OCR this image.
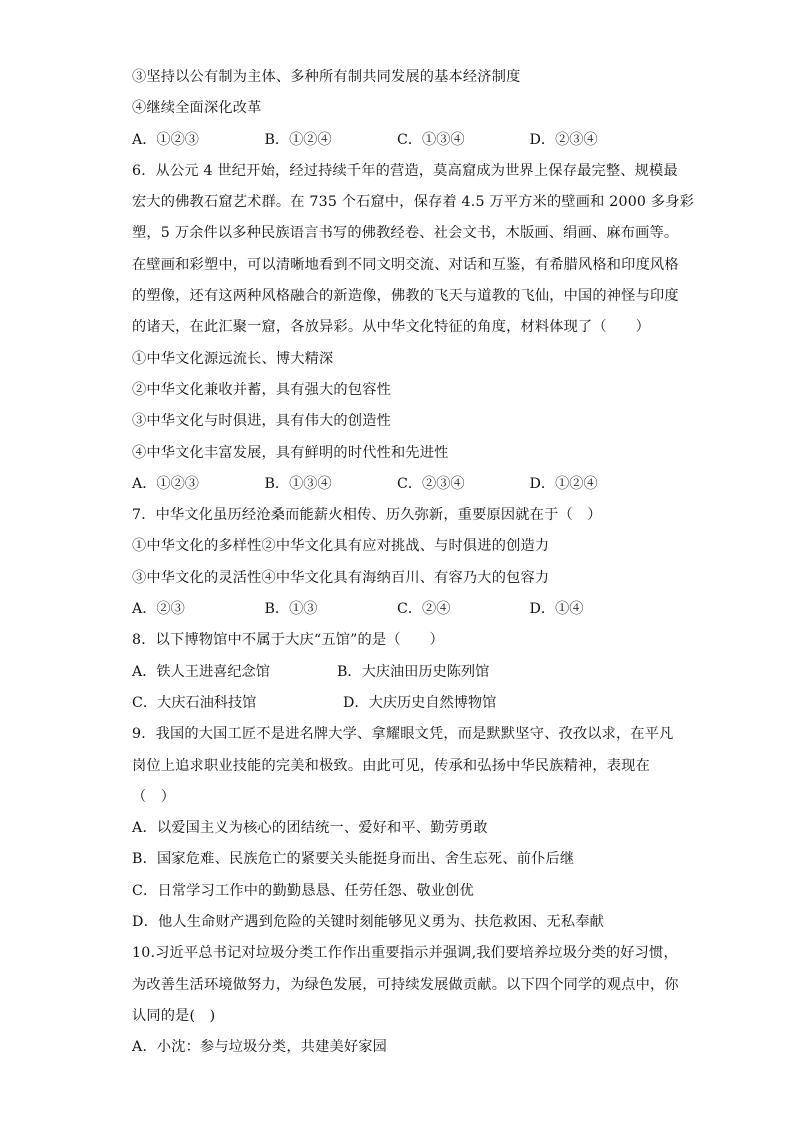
③坚持以公有制为主体、多种所有制共同发展的基本经济制度
④继续全面深化改革
A．①②③	B．①②④	C．①③④	D．②③④
6．从公元 4 世纪开始，经过持续千年的营造，莫高窟成为世界上保存最完整、规模最
宏大的佛教石窟艺术群。在 735 个石窟中，保存着 4.5 万平方米的壁画和 2000 多身彩
塑，5 万余件以多种民族语言书写的佛教经卷、社会文书，木版画、绢画、麻布画等。
在壁画和彩塑中，可以清晰地看到不同文明交流、对话和互鉴，有希腊风格和印度风格
的塑像，还有这两种风格融合的新造像，佛教的飞天与道教的飞仙，中国的神怪与印度
的诸天，在此汇聚一窟，各放异彩。从中华文化特征的角度，材料体现了（　　）
①中华文化源远流长、博大精深
②中华文化兼收并蓄，具有强大的包容性
③中华文化与时俱进，具有伟大的创造性
④中华文化丰富发展，具有鲜明的时代性和先进性
A．①②③	B．①③④	C．②③④	D．①②④
7．中华文化虽历经沧桑而能薪火相传、历久弥新，重要原因就在于（　）
①中华文化的多样性②中华文化具有应对挑战、与时俱进的创造力
③中华文化的灵活性④中华文化具有海纳百川、有容乃大的包容力
A．②③	B．①③	C．②④	D．①④
8．以下博物馆中不属于大庆“五馆”的是（　　）
A．铁人王进喜纪念馆	B．大庆油田历史陈列馆
C．大庆石油科技馆	D．大庆历史自然博物馆
9．我国的大国工匠不是进名牌大学、拿耀眼文凭，而是默默坚守、孜孜以求，在平凡
岗位上追求职业技能的完美和极致。由此可见，传承和弘扬中华民族精神，表现在
（　）
A．以爱国主义为核心的团结统一、爱好和平、勤劳勇敢
B．国家危难、民族危亡的紧要关头能挺身而出、舍生忘死、前仆后继
C．日常学习工作中的勤勤恳恳、任劳任怨、敬业创优
D．他人生命财产遇到危险的关键时刻能够见义勇为、扶危救困、无私奉献
10.习近平总书记对垃圾分类工作作出重要指示并强调,我们要培养垃圾分类的好习惯，
为改善生活环境做努力，为绿色发展，可持续发展做贡献。以下四个同学的观点中，你
认同的是(　)
A．小沈：参与垃圾分类，共建美好家园
